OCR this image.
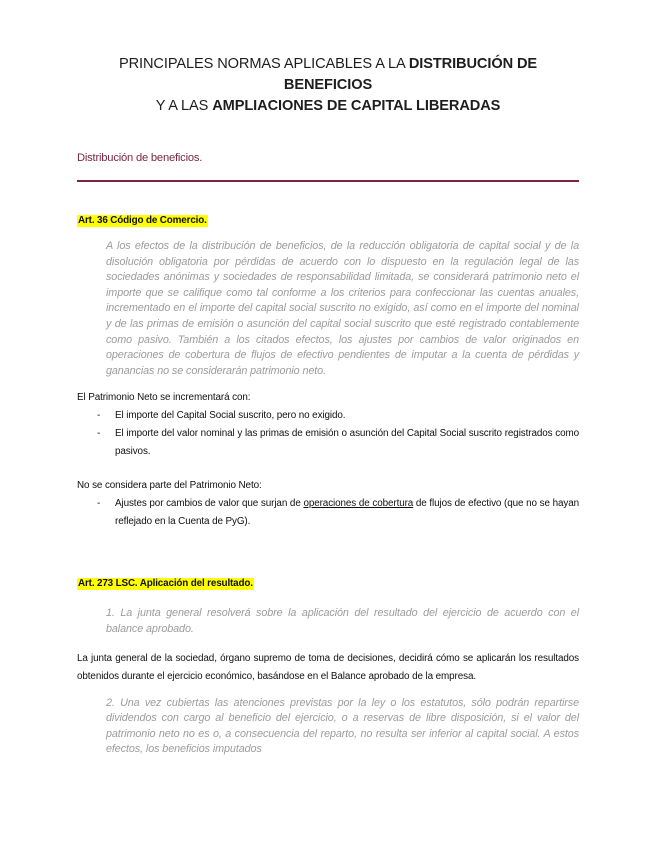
PRINCIPALES NORMAS APLICABLES A LA DISTRIBUCIÓN DE BENEFICIOS
Y A LAS AMPLIACIONES DE CAPITAL LIBERADAS
Distribución de beneficios.
Art. 36 Código de Comercio.

A los efectos de la distribución de beneficios, de la reducción obligatoria de capital social y de la disolución obligatoria por pérdidas de acuerdo con lo dispuesto en la regulación legal de las sociedades anónimas y sociedades de responsabilidad limitada, se considerará patrimonio neto el importe que se califique como tal conforme a los criterios para confeccionar las cuentas anuales, incrementado en el importe del capital social suscrito no exigido, así como en el importe del nominal y de las primas de emisión o asunción del capital social suscrito que esté registrado contablemente como pasivo. También a los citados efectos, los ajustes por cambios de valor originados en operaciones de cobertura de flujos de efectivo pendientes de imputar a la cuenta de pérdidas y ganancias no se considerarán patrimonio neto.

El Patrimonio Neto se incrementará con:
- El importe del Capital Social suscrito, pero no exigido.
- El importe del valor nominal y las primas de emisión o asunción del Capital Social suscrito registrados como pasivos.
No se considera parte del Patrimonio Neto:
- Ajustes por cambios de valor que surjan de operaciones de cobertura de flujos de efectivo (que no se hayan reflejado en la Cuenta de PyG).
Art. 273 LSC. Aplicación del resultado.

1. La junta general resolverá sobre la aplicación del resultado del ejercicio de acuerdo con el balance aprobado.

La junta general de la sociedad, órgano supremo de toma de decisiones, decidirá cómo se aplicarán los resultados obtenidos durante el ejercicio económico, basándose en el Balance aprobado de la empresa.

2. Una vez cubiertas las atenciones previstas por la ley o los estatutos, sólo podrán repartirse dividendos con cargo al beneficio del ejercicio, o a reservas de libre disposición, si el valor del patrimonio neto no es o, a consecuencia del reparto, no resulta ser inferior al capital social. A estos efectos, los beneficios imputados
